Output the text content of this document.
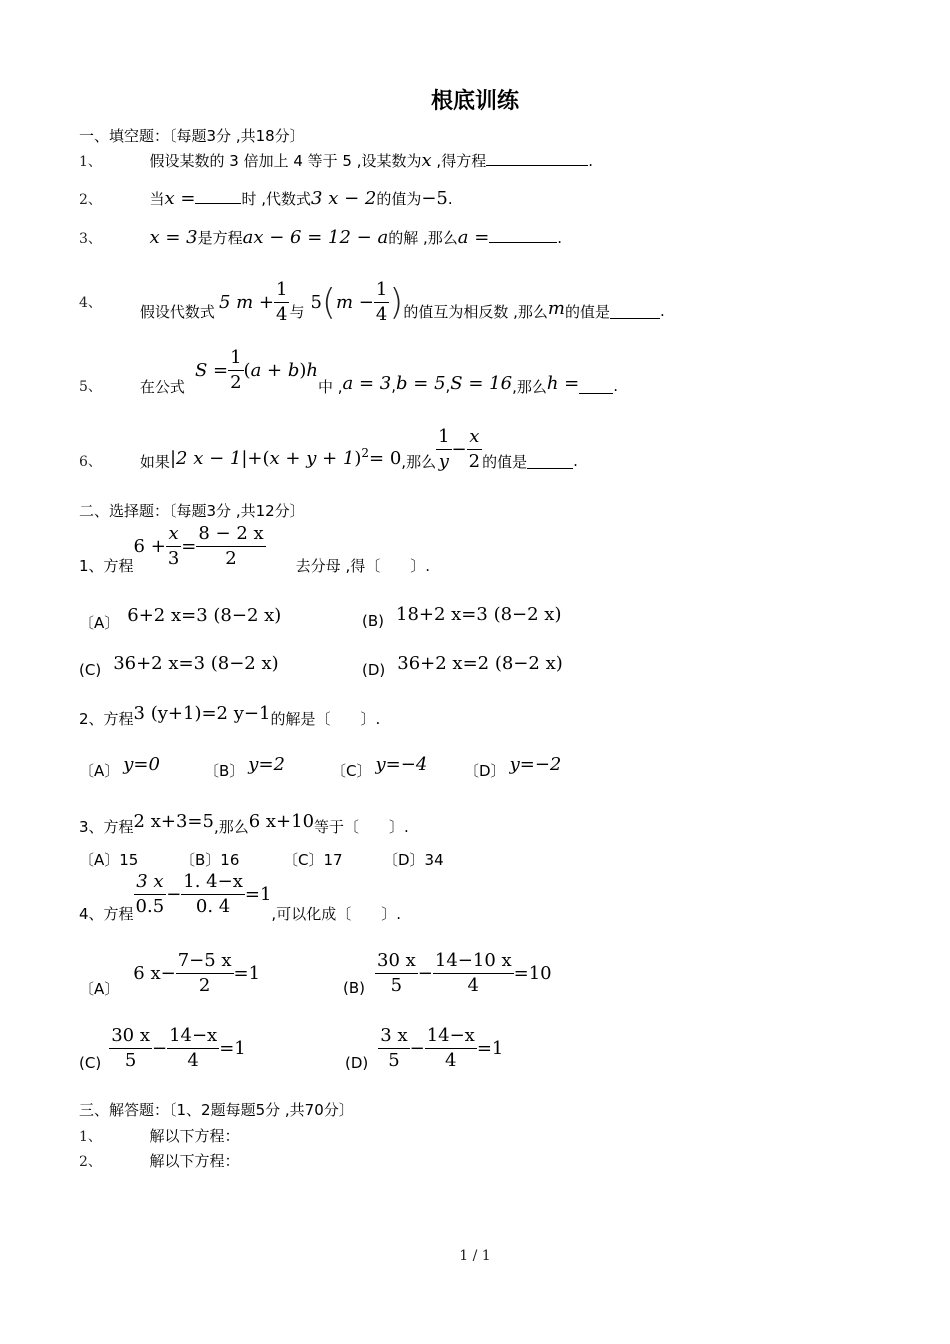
根底训练
一、填空题：〔每题3分 ,共18分〕
1、	假设某数的 3 倍加上 4 等于 5 ,设某数为x ,得方程	.
2、	当x =	时 ,代数式3 x − 2的值为−5.
3、	x = 3是方程ax − 6 = 12 − a的解 ,那么a =	.
4、	假设代数式 5 $m + \frac{1}{4}$ 与 5 ( $m - \frac{1}{4}$ ) 的值互为相反数 ,那么 m 的值是	.
5、	在公式
$S = \frac{1}{2} (a + b)h$
中 , a = 3 , b = 5 , S = 16 ,那么 h = .
6、	如果 |2 $x - 1|+(x + y + 1)^2= 0$ ,那么 $\frac{1}{y} - \frac{x}{2}$ 的值是	.
二、选择题：〔每题3分 ,共12分〕
1、方程
$6 + \frac{x}{3} = \frac{8 - 2 x}{2}$ 去分母 ,得〔　　〕.
〔A〕 6+2 x=3 (8−2 x)	(B) 18+2 x=3 (8−2 x)
(C) 36+2 x=3 (8−2 x)	(D) 36+2 x=2 (8−2 x)
2、方程 3 (y+1)=2 y−1 的解是〔　　〕.
〔A〕 y=0	〔B〕 y=2	〔C〕 y=−4 〔D〕 y=−2
3、方程 2 x+3=5 ,那么 6 x+10 等于〔　　〕.
〔A〕15	〔B〕16	〔C〕17	〔D〕34
4、方程 $\frac{3 x}{0.5} - \frac{1. 4-x}{0. 4} =1$
,可以化成〔　　〕.
〔A〕
6 $x- \frac{7-5 x}{2} =1$
$(B) \frac{30 x}{5} - \frac{14-10 x}{4} =10$
$(C) \frac{30 x}{5} - \frac{14-x}{4} =1$
$(D) \frac{3 x}{5} - \frac{14-x}{4} =1$
三、解答题：〔1、2题每题5分 ,共70分〕
1、	解以下方程：
2、	解以下方程：
1 / 1
